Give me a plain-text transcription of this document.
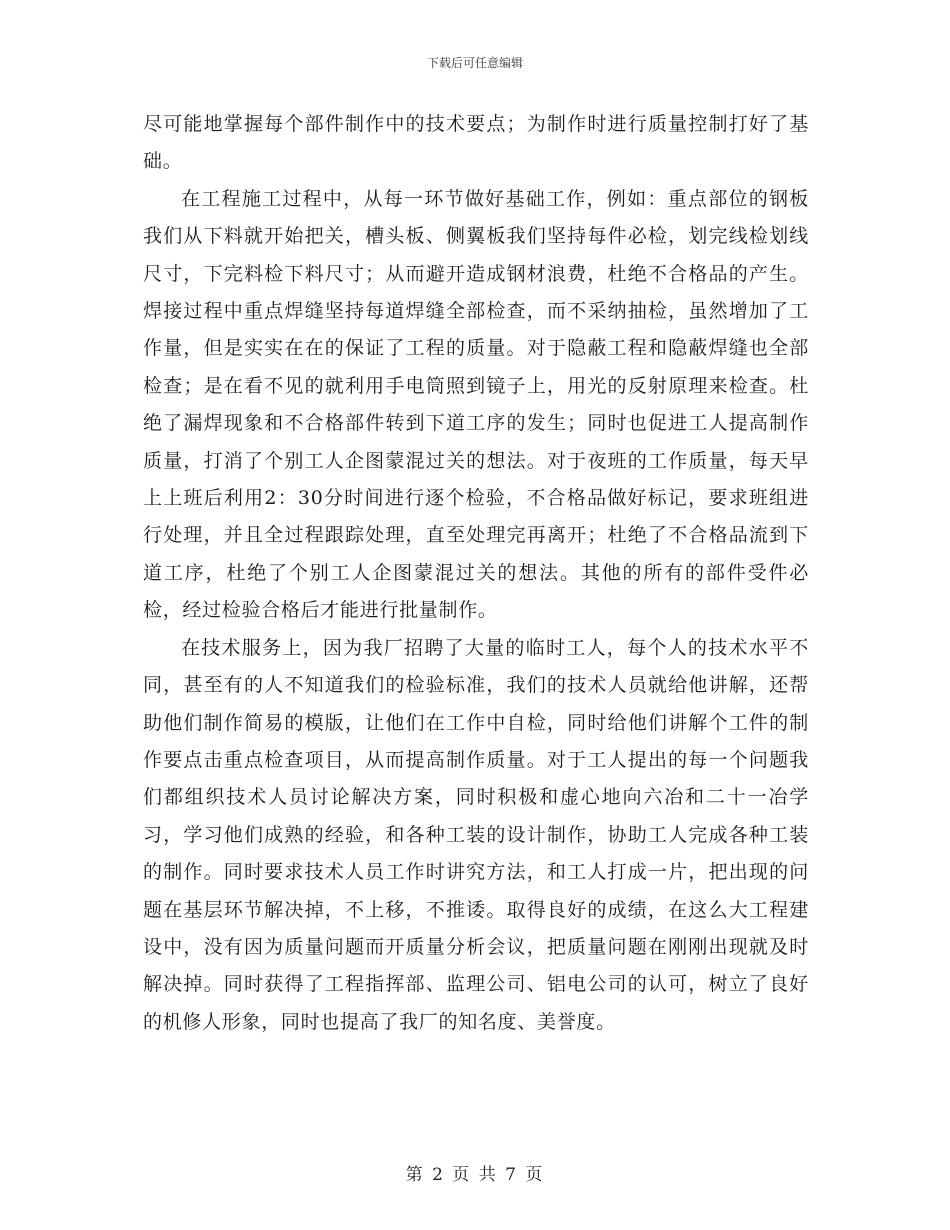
下载后可任意编辑

尽可能地掌握每个部件制作中的技术要点；为制作时进行质量控制打好了基础。

在工程施工过程中，从每一环节做好基础工作，例如：重点部位的钢板我们从下料就开始把关，槽头板、侧翼板我们坚持每件必检，划完线检划线尺寸，下完料检下料尺寸；从而避开造成钢材浪费，杜绝不合格品的产生。焊接过程中重点焊缝坚持每道焊缝全部检查，而不采纳抽检，虽然增加了工作量，但是实实在在的保证了工程的质量。对于隐蔽工程和隐蔽焊缝也全部检查；是在看不见的就利用手电筒照到镜子上，用光的反射原理来检查。杜绝了漏焊现象和不合格部件转到下道工序的发生；同时也促进工人提高制作质量，打消了个别工人企图蒙混过关的想法。对于夜班的工作质量，每天早上上班后利用2：30分时间进行逐个检验，不合格品做好标记，要求班组进行处理，并且全过程跟踪处理，直至处理完再离开；杜绝了不合格品流到下道工序，杜绝了个别工人企图蒙混过关的想法。其他的所有的部件受件必检，经过检验合格后才能进行批量制作。

在技术服务上，因为我厂招聘了大量的临时工人，每个人的技术水平不同，甚至有的人不知道我们的检验标准，我们的技术人员就给他讲解，还帮助他们制作简易的模版，让他们在工作中自检，同时给他们讲解个工件的制作要点击重点检查项目，从而提高制作质量。对于工人提出的每一个问题我们都组织技术人员讨论解决方案，同时积极和虚心地向六冶和二十一冶学习，学习他们成熟的经验，和各种工装的设计制作，协助工人完成各种工装的制作。同时要求技术人员工作时讲究方法，和工人打成一片，把出现的问题在基层环节解决掉，不上移，不推诿。取得良好的成绩，在这么大工程建设中，没有因为质量问题而开质量分析会议，把质量问题在刚刚出现就及时解决掉。同时获得了工程指挥部、监理公司、铝电公司的认可，树立了良好的机修人形象，同时也提高了我厂的知名度、美誉度。

第 2 页 共 7 页
